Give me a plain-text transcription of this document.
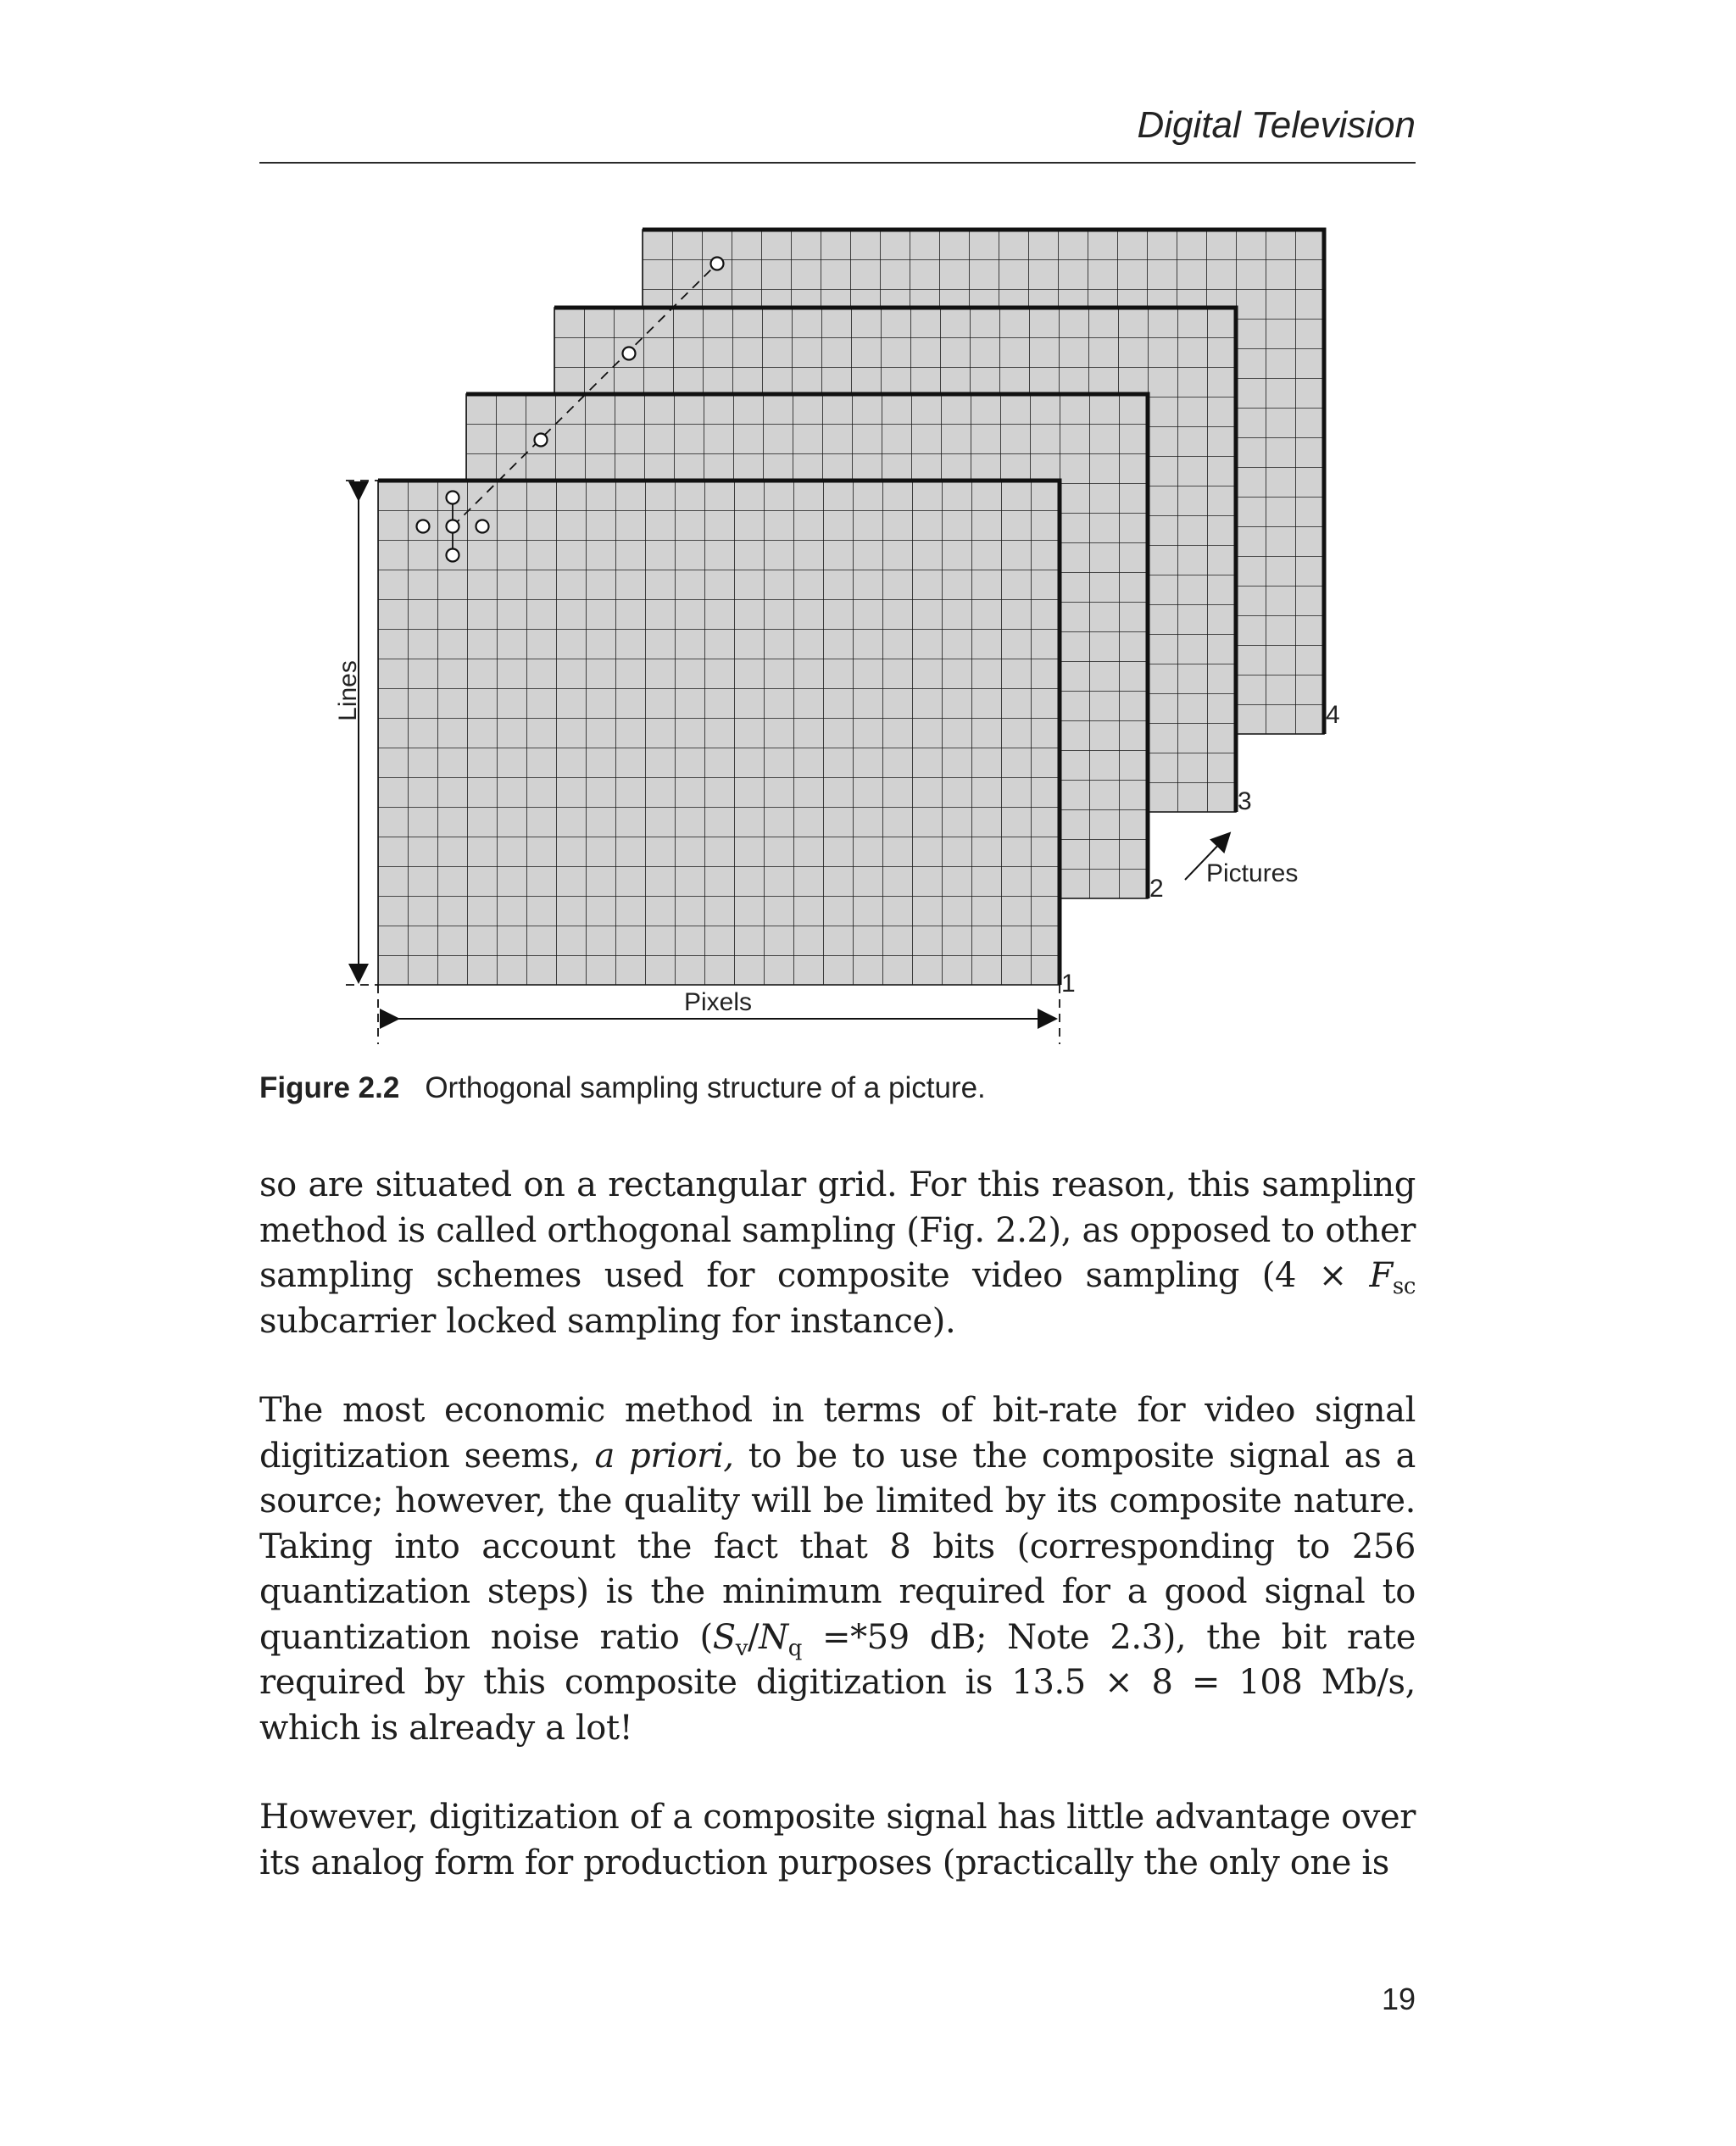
Digital Television
Lines
Pixels
1
2
3
4
Pictures
Figure 2.2 Orthogonal sampling structure of a picture.

so are situated on a rectangular grid. For this reason, this sampling method is called orthogonal sampling (Fig. 2.2), as opposed to other sampling schemes used for composite video sampling ($4 \times F_{sc}$ subcarrier locked sampling for instance).

The most economic method in terms of bit-rate for video signal digitization seems, a priori, to be to use the composite signal as a source; however, the quality will be limited by its composite nature. Taking into account the fact that 8 bits (corresponding to 256 quantization steps) is the minimum required for a good signal to quantization noise ratio ($S_v/N_q =*59$ dB; Note 2.3), the bit rate required by this composite digitization is 13.5 × 8 = 108 Mb/s, which is already a lot!

However, digitization of a composite signal has little advantage over its analog form for production purposes (practically the only one is

19
